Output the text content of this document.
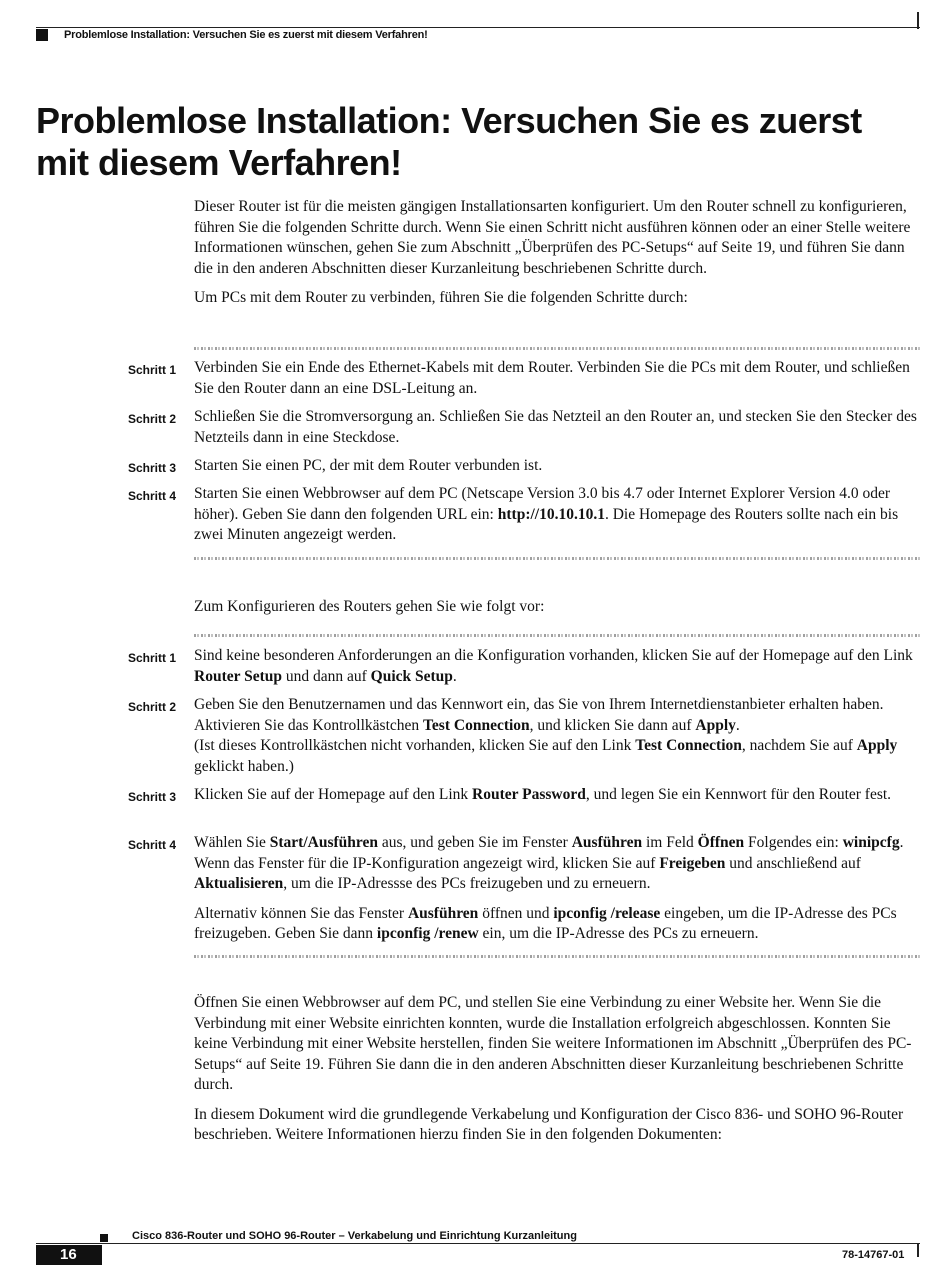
Problemlose Installation: Versuchen Sie es zuerst mit diesem Verfahren!
Problemlose Installation: Versuchen Sie es zuerst mit diesem Verfahren!

Dieser Router ist für die meisten gängigen Installationsarten konfiguriert. Um den Router schnell zu konfigurieren, führen Sie die folgenden Schritte durch. Wenn Sie einen Schritt nicht ausführen können oder an einer Stelle weitere Informationen wünschen, gehen Sie zum Abschnitt „Überprüfen des PC-Setups“ auf Seite 19, und führen Sie dann die in den anderen Abschnitten dieser Kurzanleitung beschriebenen Schritte durch.

Um PCs mit dem Router zu verbinden, führen Sie die folgenden Schritte durch:

Schritt 1	Verbinden Sie ein Ende des Ethernet-Kabels mit dem Router. Verbinden Sie die PCs mit dem Router, und schließen Sie den Router dann an eine DSL-Leitung an.
Schritt 2	Schließen Sie die Stromversorgung an. Schließen Sie das Netzteil an den Router an, und stecken Sie den Stecker des Netzteils dann in eine Steckdose.
Schritt 3	Starten Sie einen PC, der mit dem Router verbunden ist.
Schritt 4	Starten Sie einen Webbrowser auf dem PC (Netscape Version 3.0 bis 4.7 oder Internet Explorer Version 4.0 oder höher). Geben Sie dann den folgenden URL ein: http://10.10.10.1. Die Homepage des Routers sollte nach ein bis zwei Minuten angezeigt werden.
Zum Konfigurieren des Routers gehen Sie wie folgt vor:
Schritt 1	Sind keine besonderen Anforderungen an die Konfiguration vorhanden, klicken Sie auf der Homepage auf den Link Router Setup und dann auf Quick Setup.
Schritt 2	Geben Sie den Benutzernamen und das Kennwort ein, das Sie von Ihrem Internetdienstanbieter erhalten haben. Aktivieren Sie das Kontrollkästchen Test Connection, und klicken Sie dann auf Apply.
(Ist dieses Kontrollkästchen nicht vorhanden, klicken Sie auf den Link Test Connection, nachdem Sie auf Apply geklickt haben.)
Schritt 3	Klicken Sie auf der Homepage auf den Link Router Password, und legen Sie ein Kennwort für den Router fest.
Schritt 4	Wählen Sie Start/Ausführen aus, und geben Sie im Fenster Ausführen im Feld Öffnen Folgendes ein: winipcfg. Wenn das Fenster für die IP-Konfiguration angezeigt wird, klicken Sie auf Freigeben und anschließend auf Aktualisieren, um die IP-Adressse des PCs freizugeben und zu erneuern.

Alternativ können Sie das Fenster Ausführen öffnen und ipconfig /release eingeben, um die IP-Adresse des PCs freizugeben. Geben Sie dann ipconfig /renew ein, um die IP-Adresse des PCs zu erneuern.

Öffnen Sie einen Webbrowser auf dem PC, und stellen Sie eine Verbindung zu einer Website her. Wenn Sie die Verbindung mit einer Website einrichten konnten, wurde die Installation erfolgreich abgeschlossen. Konnten Sie keine Verbindung mit einer Website herstellen, finden Sie weitere Informationen im Abschnitt „Überprüfen des PC-Setups“ auf Seite 19. Führen Sie dann die in den anderen Abschnitten dieser Kurzanleitung beschriebenen Schritte durch.

In diesem Dokument wird die grundlegende Verkabelung und Konfiguration der Cisco 836- und SOHO 96-Router beschrieben. Weitere Informationen hierzu finden Sie in den folgenden Dokumenten:

Cisco 836-Router und SOHO 96-Router – Verkabelung und Einrichtung Kurzanleitung
16	78-14767-01
